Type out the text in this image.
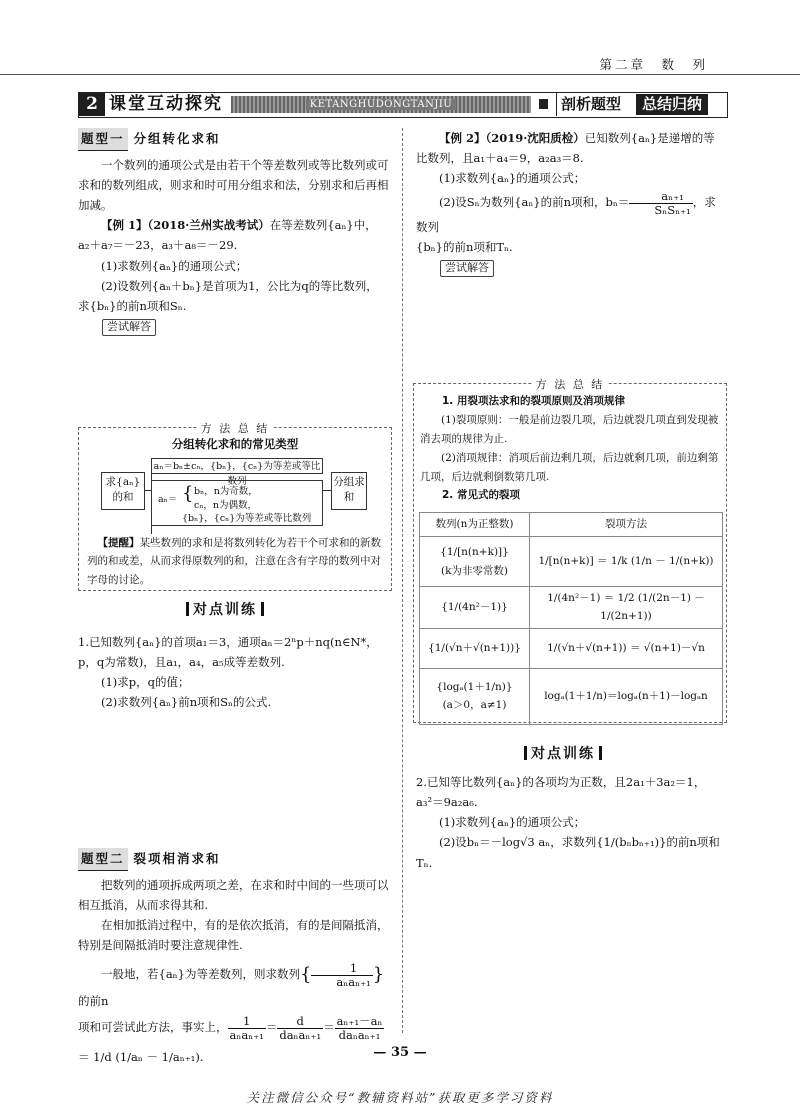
第二章　数　列
2 课堂互动探究	KETANGHUDONGTANJIU	剖析题型	总结归纳
题型一 分组转化求和
一个数列的通项公式是由若干个等差数列或等比数列或可求和的数列组成，则求和时可用分组求和法，分别求和后再相加减。
【例 1】（2018·兰州实战考试）在等差数列{aₙ}中，
a₂＋a₇＝－23，a₃＋a₈＝－29.
(1)求数列{aₙ}的通项公式；
(2)设数列{aₙ＋bₙ}是首项为1，公比为q的等比数列，
求{bₙ}的前n项和Sₙ.
尝试解答
方 法 总 结
分组转化求和的常见类型
求{aₙ}的和
aₙ＝bₙ±cₙ，{bₙ}，{cₙ}为等差或等比数列
aₙ＝ { bₙ，n为奇数，
cₙ，n为偶数，
{bₙ}，{cₙ}为等差或等比数列
分组求和
【提醒】某些数列的求和是将数列转化为若干个可求和的新数列的和或差，从而求得原数列的和，注意在含有字母的数列中对字母的讨论。
对点训练
1.已知数列{aₙ}的首项a₁＝3，通项aₙ＝2ⁿp＋nq(n∈N*，
p，q为常数)，且a₁，a₄，a₅成等差数列.
(1)求p，q的值；
(2)求数列{aₙ}前n项和Sₙ的公式.
题型二 裂项相消求和
把数列的通项拆成两项之差，在求和时中间的一些项可以相互抵消，从而求得其和.
在相加抵消过程中，有的是依次抵消，有的是间隔抵消，特别是间隔抵消时要注意规律性.
一般地，若{aₙ}为等差数列，则求数列{ $\frac{1}{\text{aₙaₙ₊₁}}$ }的前n
项和可尝试此方法，事实上， $\frac{1}{\text{aₙaₙ₊₁}} = \frac{d}{\text{daₙaₙ₊₁}} = \frac{\text{aₙ₊₁－aₙ}}{\text{daₙaₙ₊₁}}$
＝ 1/d (1/aₙ － 1/aₙ₊₁).
【例 2】（2019·沈阳质检）已知数列{aₙ}是递增的等
比数列，且a₁＋a₄＝9，a₂a₃＝8.
(1)求数列{aₙ}的通项公式；
(2)设Sₙ为数列{aₙ}的前n项和，$b_n= \frac{\text{aₙ₊₁}}{\text{SₙSₙ₊₁}}$ ，求数列
{bₙ}的前n项和Tₙ.
尝试解答
方 法 总 结
1. 用裂项法求和的裂项原则及消项规律
(1)裂项原则：一般是前边裂几项，后边就裂几项直到发现被消去项的规律为止.
(2)消项规律：消项后前边剩几项，后边就剩几项，前边剩第几项，后边就剩倒数第几项.
2. 常见式的裂项
数列(n为正整数)	裂项方法

{1/[n(n+k)]}
(k为非零常数)	1/[n(n+k)] ＝ 1/k (1/n － 1/(n+k))
{1/(4n²－1)}	1/(4n²－1) ＝ 1/2 (1/(2n－1) － 1/(2n+1))
{1/(√n＋√(n+1))}	1/(√n＋√(n+1)) ＝ √(n+1)－√n

{logₐ(1＋1/n)}
(a＞0，a≠1)	logₐ(1＋1/n)＝logₐ(n＋1)－logₐn
对点训练
2.已知等比数列{aₙ}的各项均为正数，且2a₁＋3a₂＝1，
a₃²＝9a₂a₆.
(1)求数列{aₙ}的通项公式；
(2)设bₙ＝－log√3 aₙ，求数列{1/(bₙbₙ₊₁)}的前n项和Tₙ.
— 35 —
关注微信公众号“教辅资料站”获取更多学习资料
